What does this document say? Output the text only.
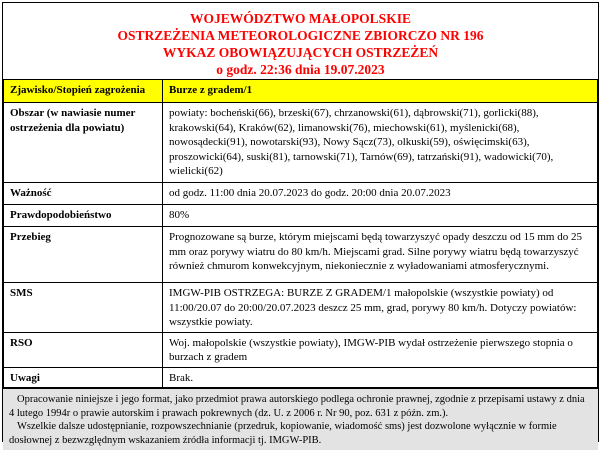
WOJEWÓDZTWO MAŁOPOLSKIE
OSTRZEŻENIA METEOROLOGICZNE ZBIORCZO NR 196
WYKAZ OBOWIĄZUJĄCYCH OSTRZEŻEŃ
o godz. 22:36 dnia 19.07.2023
Zjawisko/Stopień zagrożenia	Burze z gradem/1
Obszar (w nawiasie numer ostrzeżenia dla powiatu)	powiaty: bocheński(66), brzeski(67), chrzanowski(61), dąbrowski(71), gorlicki(88), krakowski(64), Kraków(62), limanowski(76), miechowski(61), myślenicki(68), nowosądecki(91), nowotarski(93), Nowy Sącz(73), olkuski(59), oświęcimski(63), proszowicki(64), suski(81), tarnowski(71), Tarnów(69), tatrzański(91), wadowicki(70), wielicki(62)
Ważność	od godz. 11:00 dnia 20.07.2023 do godz. 20:00 dnia 20.07.2023
Prawdopodobieństwo	80%
Przebieg	Prognozowane są burze, którym miejscami będą towarzyszyć opady deszczu od 15 mm do 25 mm oraz porywy wiatru do 80 km/h. Miejscami grad. Silne porywy wiatru będą towarzyszyć również chmurom konwekcyjnym, niekoniecznie z wyładowaniami atmosferycznymi.
SMS	IMGW-PIB OSTRZEGA: BURZE Z GRADEM/1 małopolskie (wszystkie powiaty) od 11:00/20.07 do 20:00/20.07.2023 deszcz 25 mm, grad, porywy 80 km/h. Dotyczy powiatów: wszystkie powiaty.
RSO	Woj. małopolskie (wszystkie powiaty), IMGW-PIB wydał ostrzeżenie pierwszego stopnia o burzach z gradem
Uwagi	Brak.

Opracowanie niniejsze i jego format, jako przedmiot prawa autorskiego podlega ochronie prawnej, zgodnie z przepisami ustawy z dnia 4 lutego 1994r o prawie autorskim i prawach pokrewnych (dz. U. z 2006 r. Nr 90, poz. 631 z późn. zm.).

Wszelkie dalsze udostępnianie, rozpowszechnianie (przedruk, kopiowanie, wiadomość sms) jest dozwolone wyłącznie w formie dosłownej z bezwzględnym wskazaniem źródła informacji tj. IMGW-PIB.
